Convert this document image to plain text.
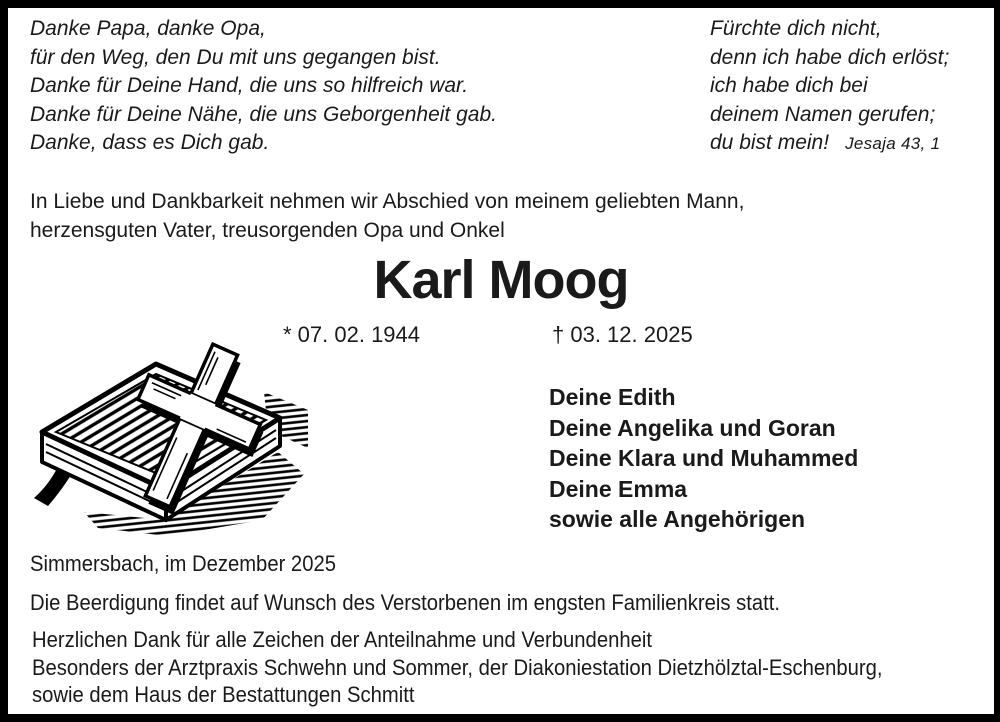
Danke Papa, danke Opa,
für den Weg, den Du mit uns gegangen bist.
Danke für Deine Hand, die uns so hilfreich war.
Danke für Deine Nähe, die uns Geborgenheit gab.
Danke, dass es Dich gab.
Fürchte dich nicht,
denn ich habe dich erlöst;
ich habe dich bei
deinem Namen gerufen;
du bist mein! Jesaja 43, 1
In Liebe und Dankbarkeit nehmen wir Abschied von meinem geliebten Mann,
herzensguten Vater, treusorgenden Opa und Onkel
Karl Moog
* 07. 02. 1944	† 03. 12. 2025
Deine Edith
Deine Angelika und Goran
Deine Klara und Muhammed
Deine Emma
sowie alle Angehörigen
Simmersbach, im Dezember 2025
Die Beerdigung findet auf Wunsch des Verstorbenen im engsten Familienkreis statt.
Herzlichen Dank für alle Zeichen der Anteilnahme und Verbundenheit
Besonders der Arztpraxis Schwehn und Sommer, der Diakoniestation Dietzhölztal-Eschenburg,
sowie dem Haus der Bestattungen Schmitt
